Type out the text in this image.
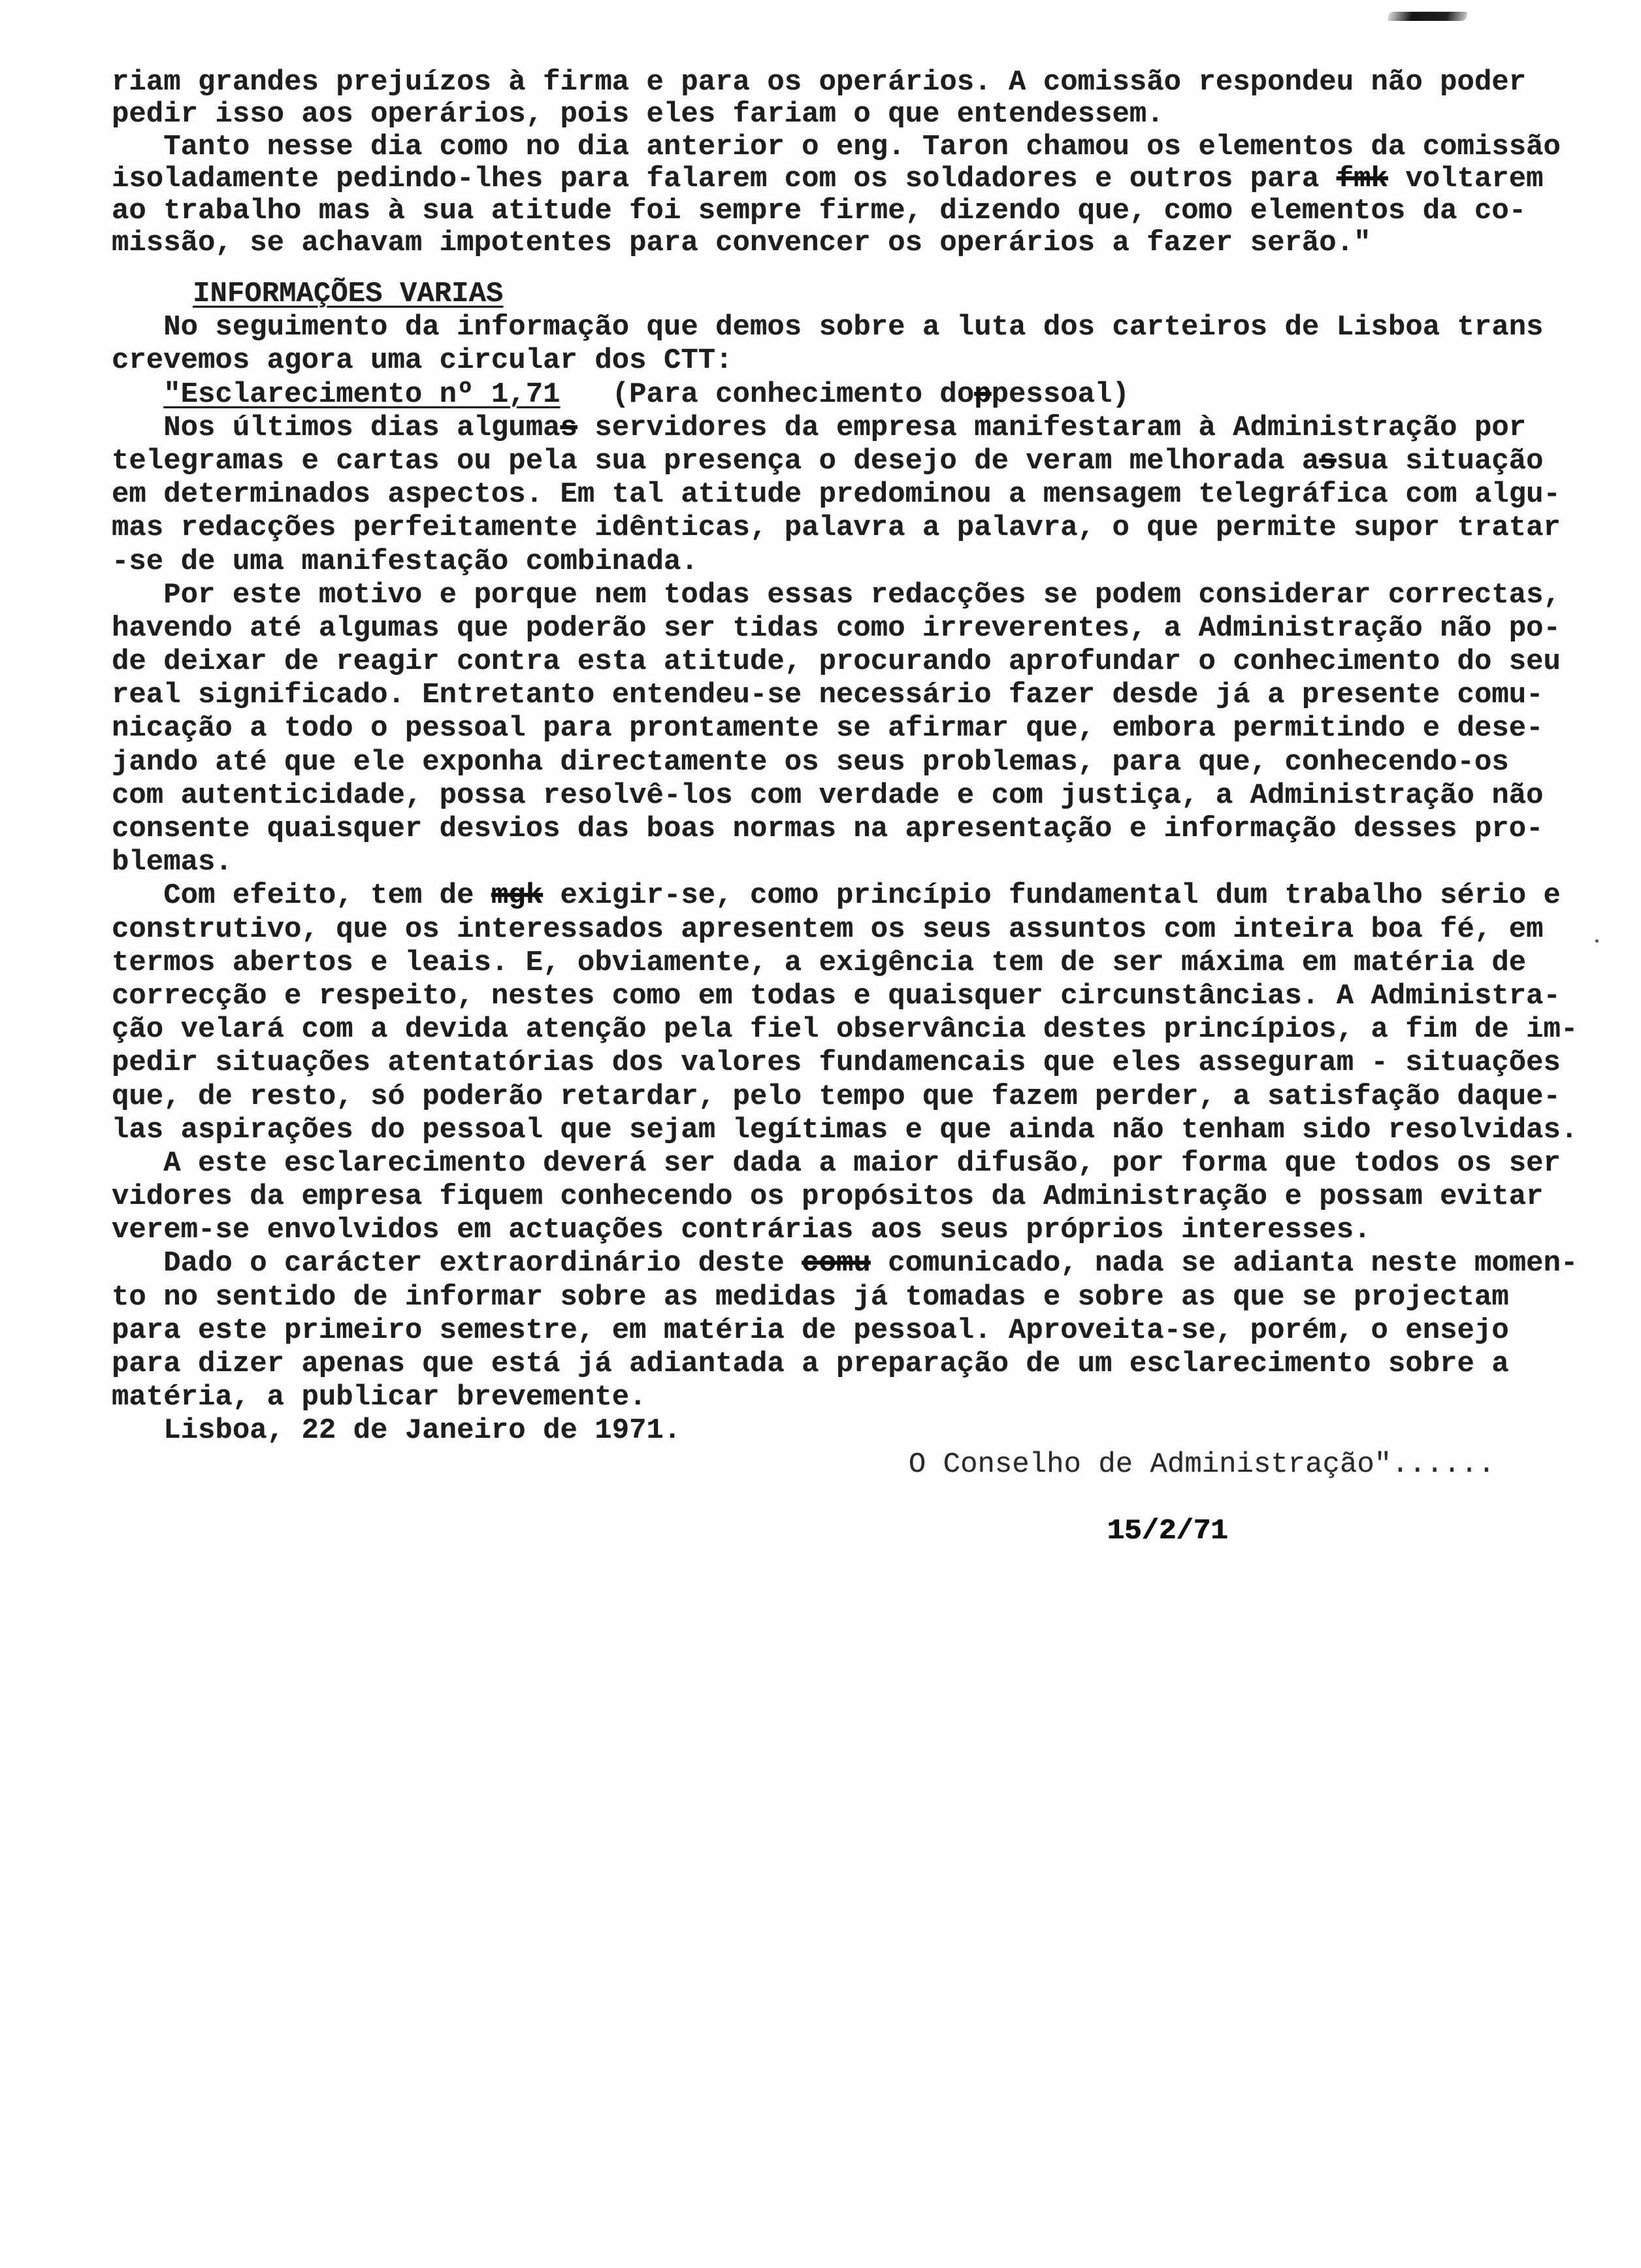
riam grandes prejuízos à firma e para os operários. A comissão respondeu não poder
pedir isso aos operários, pois eles fariam o que entendessem.
Tanto nesse dia como no dia anterior o eng. Taron chamou os elementos da comissão
isoladamente pedindo-lhes para falarem com os soldadores e outros para fmk voltarem
ao trabalho mas à sua atitude foi sempre firme, dizendo que, como elementos da co-
missão, se achavam impotentes para convencer os operários a fazer serão."
INFORMAÇÕES VARIAS
No seguimento da informação que demos sobre a luta dos carteiros de Lisboa trans
crevemos agora uma circular dos CTT:
"Esclarecimento nº 1,71   (Para conhecimento doppessoal)
Nos últimos dias algumas servidores da empresa manifestaram à Administração por
telegramas e cartas ou pela sua presença o desejo de veram melhorada assua situação
em determinados aspectos. Em tal atitude predominou a mensagem telegráfica com algu-
mas redacções perfeitamente idênticas, palavra a palavra, o que permite supor tratar
-se de uma manifestação combinada.
Por este motivo e porque nem todas essas redacções se podem considerar correctas,
havendo até algumas que poderão ser tidas como irreverentes, a Administração não po-
de deixar de reagir contra esta atitude, procurando aprofundar o conhecimento do seu
real significado. Entretanto entendeu-se necessário fazer desde já a presente comu-
nicação a todo o pessoal para prontamente se afirmar que, embora permitindo e dese-
jando até que ele exponha directamente os seus problemas, para que, conhecendo-os
com autenticidade, possa resolvê-los com verdade e com justiça, a Administração não
consente quaisquer desvios das boas normas na apresentação e informação desses pro-
blemas.
Com efeito, tem de mgk exigir-se, como princípio fundamental dum trabalho sério e
construtivo, que os interessados apresentem os seus assuntos com inteira boa fé, em
termos abertos e leais. E, obviamente, a exigência tem de ser máxima em matéria de
correcção e respeito, nestes como em todas e quaisquer circunstâncias. A Administra-
ção velará com a devida atenção pela fiel observância destes princípios, a fim de im-
pedir situações atentatórias dos valores fundamencais que eles asseguram - situações
que, de resto, só poderão retardar, pelo tempo que fazem perder, a satisfação daque-
las aspirações do pessoal que sejam legítimas e que ainda não tenham sido resolvidas.
A este esclarecimento deverá ser dada a maior difusão, por forma que todos os ser
vidores da empresa fiquem conhecendo os propósitos da Administração e possam evitar
verem-se envolvidos em actuações contrárias aos seus próprios interesses.
Dado o carácter extraordinário deste comu comunicado, nada se adianta neste momen-
to no sentido de informar sobre as medidas já tomadas e sobre as que se projectam
para este primeiro semestre, em matéria de pessoal. Aproveita-se, porém, o ensejo
para dizer apenas que está já adiantada a preparação de um esclarecimento sobre a
matéria, a publicar brevemente.
Lisboa, 22 de Janeiro de 1971.
O Conselho de Administração"......
15/2/71
